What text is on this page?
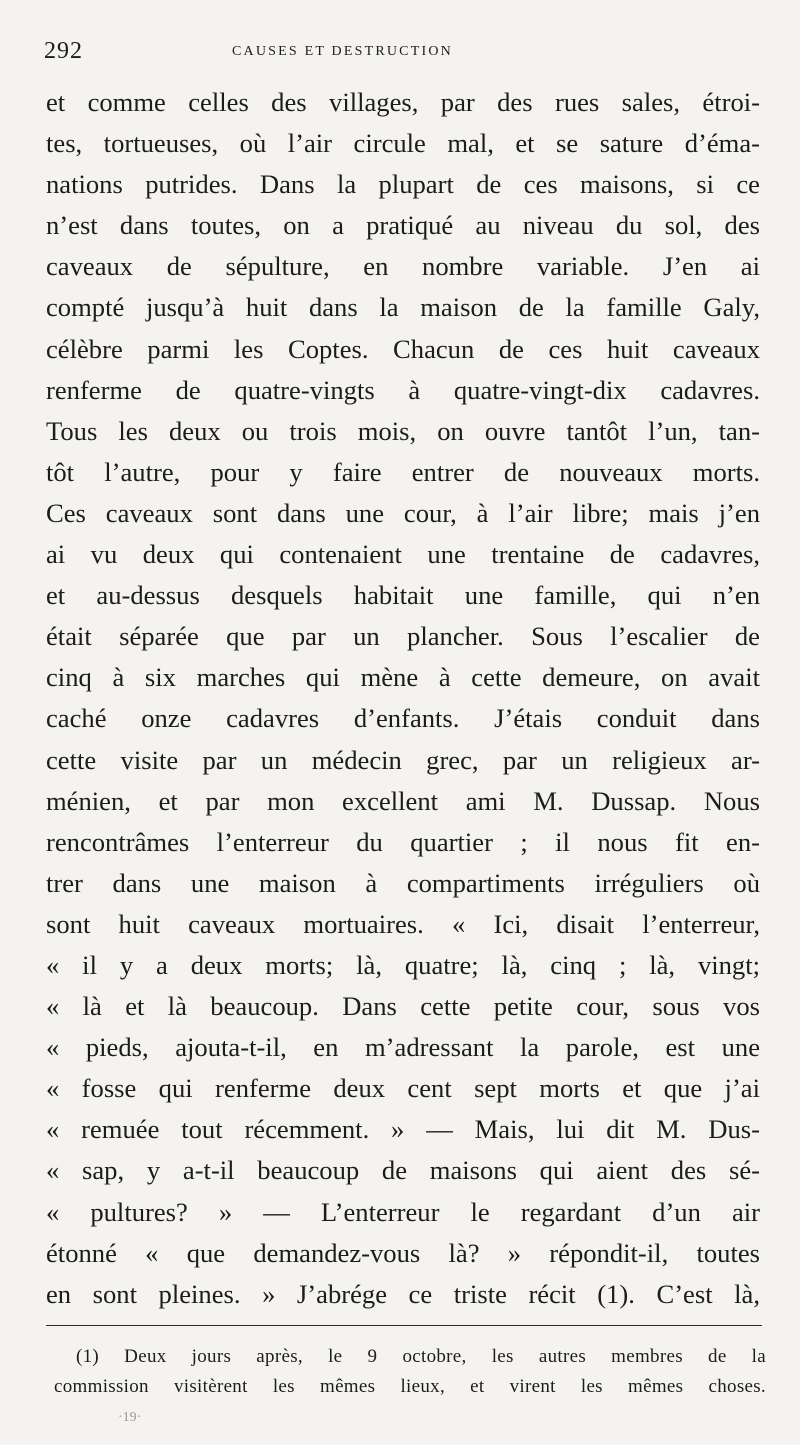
292	CAUSES ET DESTRUCTION
et comme celles des villages, par des rues sales, étroi-
tes, tortueuses, où l’air circule mal, et se sature d’éma-
nations putrides. Dans la plupart de ces maisons, si ce
n’est dans toutes, on a pratiqué au niveau du sol, des
caveaux de sépulture, en nombre variable. J’en ai
compté jusqu’à huit dans la maison de la famille Galy,
célèbre parmi les Coptes. Chacun de ces huit caveaux
renferme de quatre-vingts à quatre-vingt-dix cadavres.
Tous les deux ou trois mois, on ouvre tantôt l’un, tan-
tôt l’autre, pour y faire entrer de nouveaux morts.
Ces caveaux sont dans une cour, à l’air libre; mais j’en
ai vu deux qui contenaient une trentaine de cadavres,
et au-dessus desquels habitait une famille, qui n’en
était séparée que par un plancher. Sous l’escalier de
cinq à six marches qui mène à cette demeure, on avait
caché onze cadavres d’enfants. J’étais conduit dans
cette visite par un médecin grec, par un religieux ar-
ménien, et par mon excellent ami M. Dussap. Nous
rencontrâmes l’enterreur du quartier ; il nous fit en-
trer dans une maison à compartiments irréguliers où
sont huit caveaux mortuaires. « Ici, disait l’enterreur,
« il y a deux morts; là, quatre; là, cinq ; là, vingt;
« là et là beaucoup. Dans cette petite cour, sous vos
« pieds, ajouta-t-il, en m’adressant la parole, est une
« fosse qui renferme deux cent sept morts et que j’ai
« remuée tout récemment. » — Mais, lui dit M. Dus-
« sap, y a-t-il beaucoup de maisons qui aient des sé-
« pultures? » — L’enterreur le regardant d’un air
étonné « que demandez-vous là? » répondit-il, toutes
en sont pleines. » J’abrége ce triste récit (1). C’est là,
(1) Deux jours après, le 9 octobre, les autres membres de la
commission visitèrent les mêmes lieux, et virent les mêmes choses.
·19·
